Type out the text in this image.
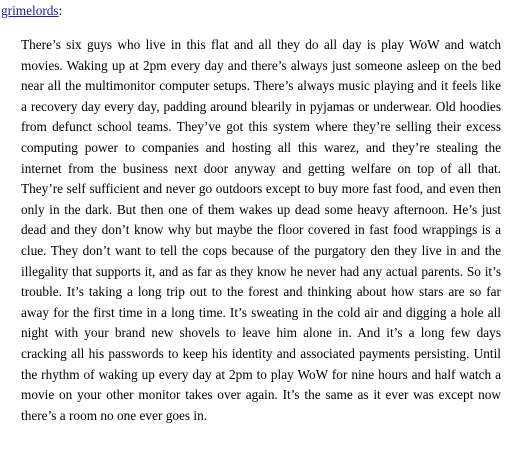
grimelords:

There’s six guys who live in this flat and all they do all day is play WoW and watch movies. Waking up at 2pm every day and there’s always just someone asleep on the bed near all the multimonitor computer setups. There’s always music playing and it feels like a recovery day every day, padding around blearily in pyjamas or underwear. Old hoodies from defunct school teams. They’ve got this system where they’re selling their excess computing power to companies and hosting all this warez, and they’re stealing the internet from the business next door anyway and getting welfare on top of all that. They’re self sufficient and never go outdoors except to buy more fast food, and even then only in the dark. But then one of them wakes up dead some heavy afternoon. He’s just dead and they don’t know why but maybe the floor covered in fast food wrappings is a clue. They don’t want to tell the cops because of the purgatory den they live in and the illegality that supports it, and as far as they know he never had any actual parents. So it’s trouble. It’s taking a long trip out to the forest and thinking about how stars are so far away for the first time in a long time. It’s sweating in the cold air and digging a hole all night with your brand new shovels to leave him alone in. And it’s a long few days cracking all his passwords to keep his identity and associated payments persisting. Until the rhythm of waking up every day at 2pm to play WoW for nine hours and half watch a movie on your other monitor takes over again. It’s the same as it ever was except now there’s a room no one ever goes in.
